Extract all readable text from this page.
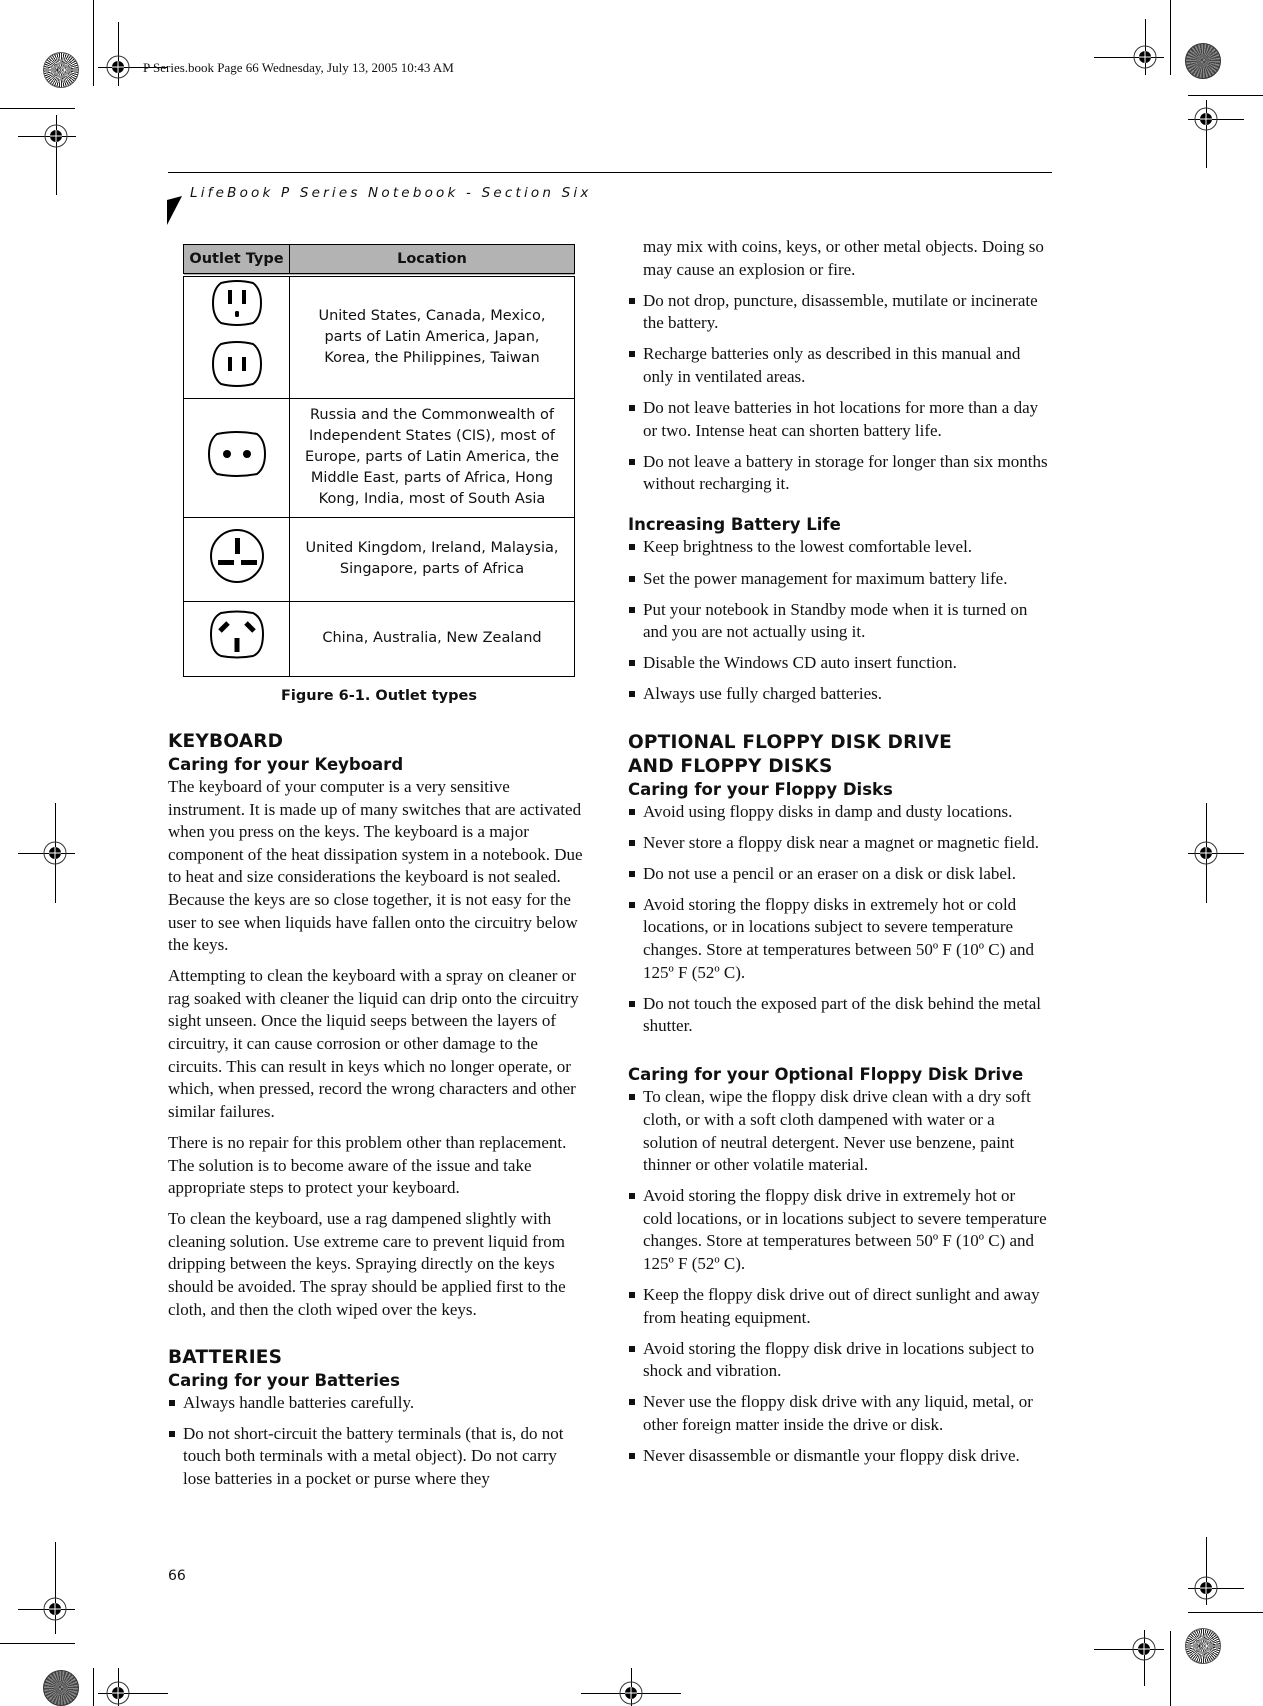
P Series.book Page 66 Wednesday, July 13, 2005 10:43 AM
LifeBook P Series Notebook - Section Six
Outlet Type	Location

	United States, Canada, Mexico, parts of Latin America, Japan, Korea, the Philippines, Taiwan
	Russia and the Commonwealth of Independent States (CIS), most of Europe, parts of Latin America, the Middle East, parts of Africa, Hong Kong, India, most of South Asia
	United Kingdom, Ireland, Malaysia, Singapore, parts of Africa
	China, Australia, New Zealand
Figure 6-1. Outlet types
KEYBOARD
Caring for your Keyboard

The keyboard of your computer is a very sensitive instrument. It is made up of many switches that are activated when you press on the keys. The keyboard is a major component of the heat dissipation system in a notebook. Due to heat and size considerations the keyboard is not sealed. Because the keys are so close together, it is not easy for the user to see when liquids have fallen onto the circuitry below the keys.

Attempting to clean the keyboard with a spray on cleaner or rag soaked with cleaner the liquid can drip onto the circuitry sight unseen. Once the liquid seeps between the layers of circuitry, it can cause corrosion or other damage to the circuits. This can result in keys which no longer operate, or which, when pressed, record the wrong characters and other similar failures.

There is no repair for this problem other than replacement. The solution is to become aware of the issue and take appropriate steps to protect your keyboard.

To clean the keyboard, use a rag dampened slightly with cleaning solution. Use extreme care to prevent liquid from dripping between the keys. Spraying directly on the keys should be avoided. The spray should be applied first to the cloth, and then the cloth wiped over the keys.

BATTERIES
Caring for your Batteries
Always handle batteries carefully.
Do not short-circuit the battery terminals (that is, do not touch both terminals with a metal object). Do not carry lose batteries in a pocket or purse where they
may mix with coins, keys, or other metal objects. Doing so may cause an explosion or fire.
Do not drop, puncture, disassemble, mutilate or incinerate the battery.
Recharge batteries only as described in this manual and only in ventilated areas.
Do not leave batteries in hot locations for more than a day or two. Intense heat can shorten battery life.
Do not leave a battery in storage for longer than six months without recharging it.
Increasing Battery Life
Keep brightness to the lowest comfortable level.
Set the power management for maximum battery life.
Put your notebook in Standby mode when it is turned on and you are not actually using it.
Disable the Windows CD auto insert function.
Always use fully charged batteries.
OPTIONAL FLOPPY DISK DRIVE
AND FLOPPY DISKS
Caring for your Floppy Disks
Avoid using floppy disks in damp and dusty locations.
Never store a floppy disk near a magnet or magnetic field.
Do not use a pencil or an eraser on a disk or disk label.
Avoid storing the floppy disks in extremely hot or cold locations, or in locations subject to severe temperature changes. Store at temperatures between 50º F (10º C) and 125º F (52º C).
Do not touch the exposed part of the disk behind the metal shutter.
Caring for your Optional Floppy Disk Drive
To clean, wipe the floppy disk drive clean with a dry soft cloth, or with a soft cloth dampened with water or a solution of neutral detergent. Never use benzene, paint thinner or other volatile material.
Avoid storing the floppy disk drive in extremely hot or cold locations, or in locations subject to severe temperature changes. Store at temperatures between 50º F (10º C) and 125º F (52º C).
Keep the floppy disk drive out of direct sunlight and away from heating equipment.
Avoid storing the floppy disk drive in locations subject to shock and vibration.
Never use the floppy disk drive with any liquid, metal, or other foreign matter inside the drive or disk.
Never disassemble or dismantle your floppy disk drive.
66
